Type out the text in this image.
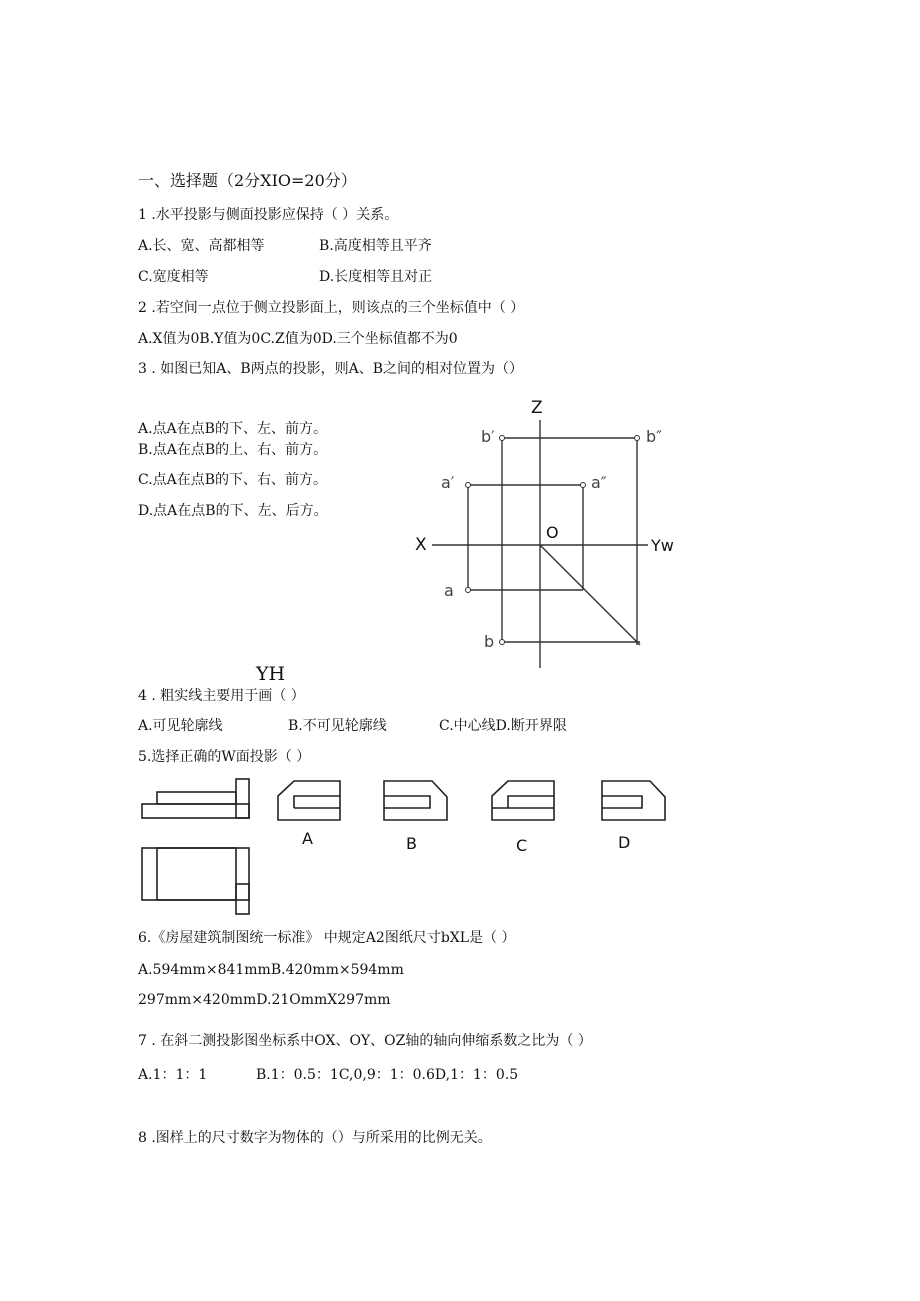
一、选择题（2分XIO=20分）
1 .水平投影与侧面投影应保持（ ）关系。
A.长、宽、高都相等	B.高度相等且平齐
C.宽度相等	D.长度相等且对正
2 .若空间一点位于侧立投影面上，则该点的三个坐标值中（ ）
A.X值为0B.Y值为0C.Z值为0D.三个坐标值都不为0
3 . 如图已知A、B两点的投影，则A、B之间的相对位置为（）
A.点A在点B的下、左、前方。
B.点A在点B的上、右、前方。
C.点A在点B的下、右、前方。
D.点A在点B的下、左、后方。
Z
b′	b″
a′	a″
O
X	Yw
a
b
YH
4 . 粗实线主要用于画（ ）
A.可见轮廓线	B.不可见轮廓线	C.中心线D.断开界限
5.选择正确的W面投影（ ）
A	B	C	D
6.《房屋建筑制图统一标准》 中规定A2图纸尺寸bXL是（ ）
A.594mm×841mmB.420mm×594mm
297mm×420mmD.21OmmX297mm
7 . 在斜二测投影图坐标系中OX、OY、OZ轴的轴向伸缩系数之比为（ ）
A.1：1：1	B.1：0.5：1C,0,9：1：0.6D,1：1：0.5
8 .图样上的尺寸数字为物体的（）与所采用的比例无关。
